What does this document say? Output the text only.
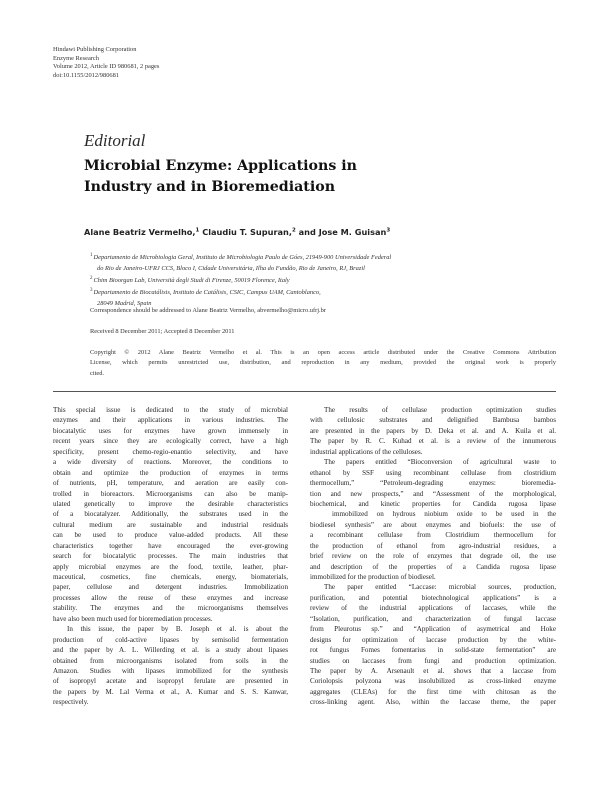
Hindawi Publishing Corporation
Enzyme Research
Volume 2012, Article ID 980681, 2 pages
doi:10.1155/2012/980681
Editorial
Microbial Enzyme: Applications in
Industry and in Bioremediation
Alane Beatriz Vermelho,$^1$ Claudiu T. Supuran,$^2$ and Jose M. Guisan$^3$
$^1$Departamento de Microbiologia Geral, Instituto de Microbiologia Paulo de Góes, 21949-900 Universidade Federal
do Rio de Janeiro-UFRJ CCS, Bloco I, Cidade Universitária, Ilha do Fundão, Rio de Janeiro, RJ, Brazil
$^2$Chim Bioorgan Lab, Università degli Studi di Firenze, 50019 Florence, Italy
$^3$Departamento de Biocatálisis, Instituto de Catálisis, CSIC, Campus UAM, Cantoblanco,
28049 Madrid, Spain
Correspondence should be addressed to Alane Beatriz Vermelho, abvermelho@micro.ufrj.br
Received 8 December 2011; Accepted 8 December 2011
Copyright © 2012 Alane Beatriz Vermelho et al. This is an open access article distributed under the Creative Commons Attribution
License, which permits unrestricted use, distribution, and reproduction in any medium, provided the original work is properly
cited.
This special issue is dedicated to the study of microbial
enzymes and their applications in various industries. The
biocatalytic uses for enzymes have grown immensely in
recent years since they are ecologically correct, have a high
specificity, present chemo-regio-enantio selectivity, and have
a wide diversity of reactions. Moreover, the conditions to
obtain and optimize the production of enzymes in terms
of nutrients, pH, temperature, and aeration are easily con-
trolled in bioreactors. Microorganisms can also be manip-
ulated genetically to improve the desirable characteristics
of a biocatalyzer. Additionally, the substrates used in the
cultural medium are sustainable and industrial residuals
can be used to produce value-added products. All these
characteristics together have encouraged the ever-growing
search for biocatalytic processes. The main industries that
apply microbial enzymes are the food, textile, leather, phar-
maceutical, cosmetics, fine chemicals, energy, biomaterials,
paper, cellulose and detergent industries. Immobilization
processes allow the reuse of these enzymes and increase
stability. The enzymes and the microorganisms themselves
have also been much used for bioremediation processes.
In this issue, the paper by B. Joseph et al. is about the
production of cold-active lipases by semisolid fermentation
and the paper by A. L. Willerding et al. is a study about lipases
obtained from microorganisms isolated from soils in the
Amazon. Studies with lipases immobilized for the synthesis
of isopropyl acetate and isopropyl ferulate are presented in
the papers by M. Lal Verma et al., A. Kumar and S. S. Kanwar,
respectively.
The results of cellulase production optimization studies
with cellulosic substrates and delignified Bambusa bambos
are presented in the papers by D. Deka et al. and A. Kuila et al.
The paper by R. C. Kuhad et al. is a review of the innumerous
industrial applications of the celluloses.
The papers entitled “Bioconversion of agricultural waste to
ethanol by SSF using recombinant cellulase from clostridium
thermocellum,” “Petroleum-degrading enzymes: bioremedia-
tion and new prospects,” and “Assessment of the morphological,
biochemical, and kinetic properties for Candida rugosa lipase
immobilized on hydrous niobium oxide to be used in the
biodiesel synthesis” are about enzymes and biofuels: the use of
a recombinant cellulase from Clostridium thermocellum for
the production of ethanol from agro-industrial residues, a
brief review on the role of enzymes that degrade oil, the use
and description of the properties of a Candida rugosa lipase
immobilized for the production of biodiesel.
The paper entitled “Laccase: microbial sources, production,
purification, and potential biotechnological applications” is a
review of the industrial applications of laccases, while the
“Isolation, purification, and characterization of fungal laccase
from Pleurotus sp.” and “Application of asymetrical and Hoke
designs for optimization of laccase production by the white-
rot fungus Fomes fomentarius in solid-state fermentation” are
studies on laccases from fungi and production optimization.
The paper by A. Arsenault et al. shows that a laccase from
Coriolopsis polyzona was insolubilized as cross-linked enzyme
aggregates (CLEAs) for the first time with chitosan as the
cross-linking agent. Also, within the laccase theme, the paper
